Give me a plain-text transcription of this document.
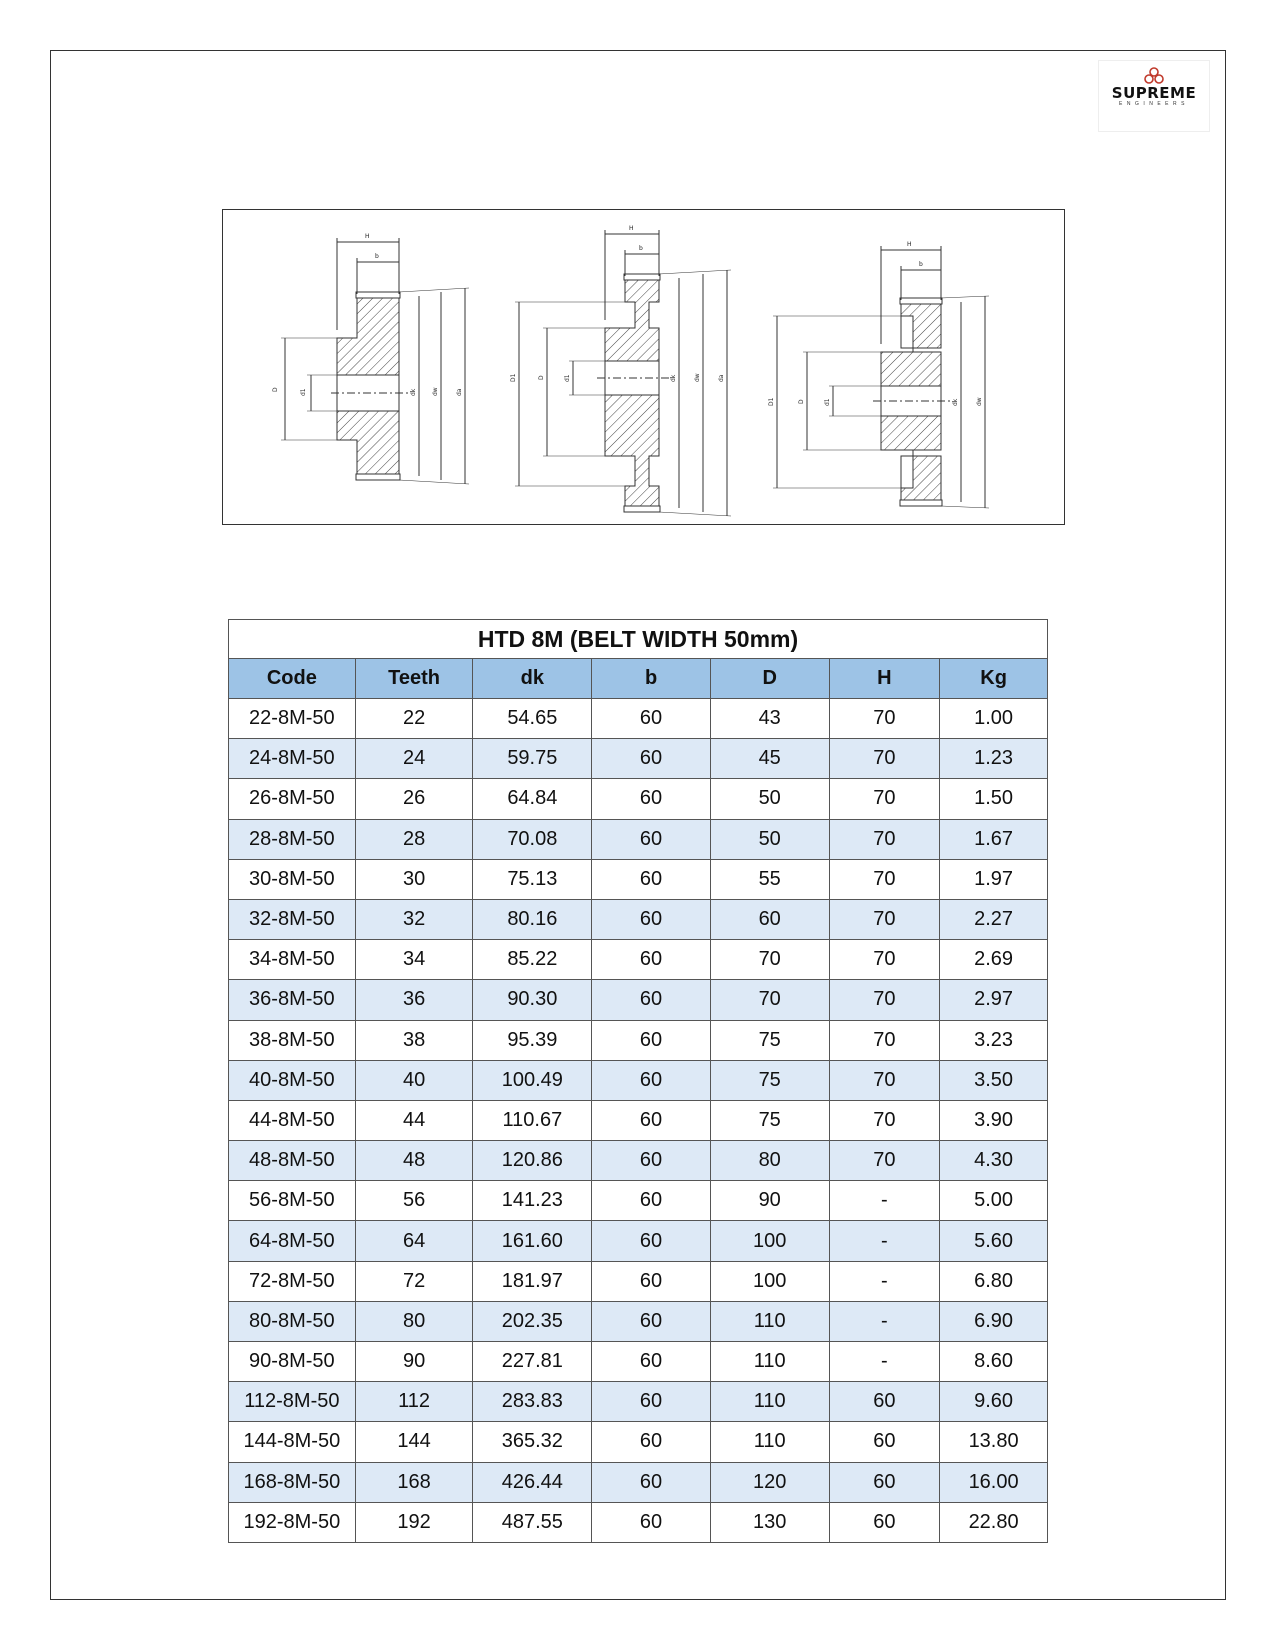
SUPREME
ENGINEERS
H
b
D	d1	dk	dw	da
H
b
D1	D	d1	dk	dw	da
H
b
D1	D	d1	dk	dw
HTD 8M (BELT WIDTH 50mm)						
Code	Teeth	dk	b	D	H	Kg
22-8M-50	22	54.65	60	43	70	1.00
24-8M-50	24	59.75	60	45	70	1.23
26-8M-50	26	64.84	60	50	70	1.50
28-8M-50	28	70.08	60	50	70	1.67
30-8M-50	30	75.13	60	55	70	1.97
32-8M-50	32	80.16	60	60	70	2.27
34-8M-50	34	85.22	60	70	70	2.69
36-8M-50	36	90.30	60	70	70	2.97
38-8M-50	38	95.39	60	75	70	3.23
40-8M-50	40	100.49	60	75	70	3.50
44-8M-50	44	110.67	60	75	70	3.90
48-8M-50	48	120.86	60	80	70	4.30
56-8M-50	56	141.23	60	90	-	5.00
64-8M-50	64	161.60	60	100	-	5.60
72-8M-50	72	181.97	60	100	-	6.80
80-8M-50	80	202.35	60	110	-	6.90
90-8M-50	90	227.81	60	110	-	8.60
112-8M-50	112	283.83	60	110	60	9.60
144-8M-50	144	365.32	60	110	60	13.80
168-8M-50	168	426.44	60	120	60	16.00
192-8M-50	192	487.55	60	130	60	22.80
